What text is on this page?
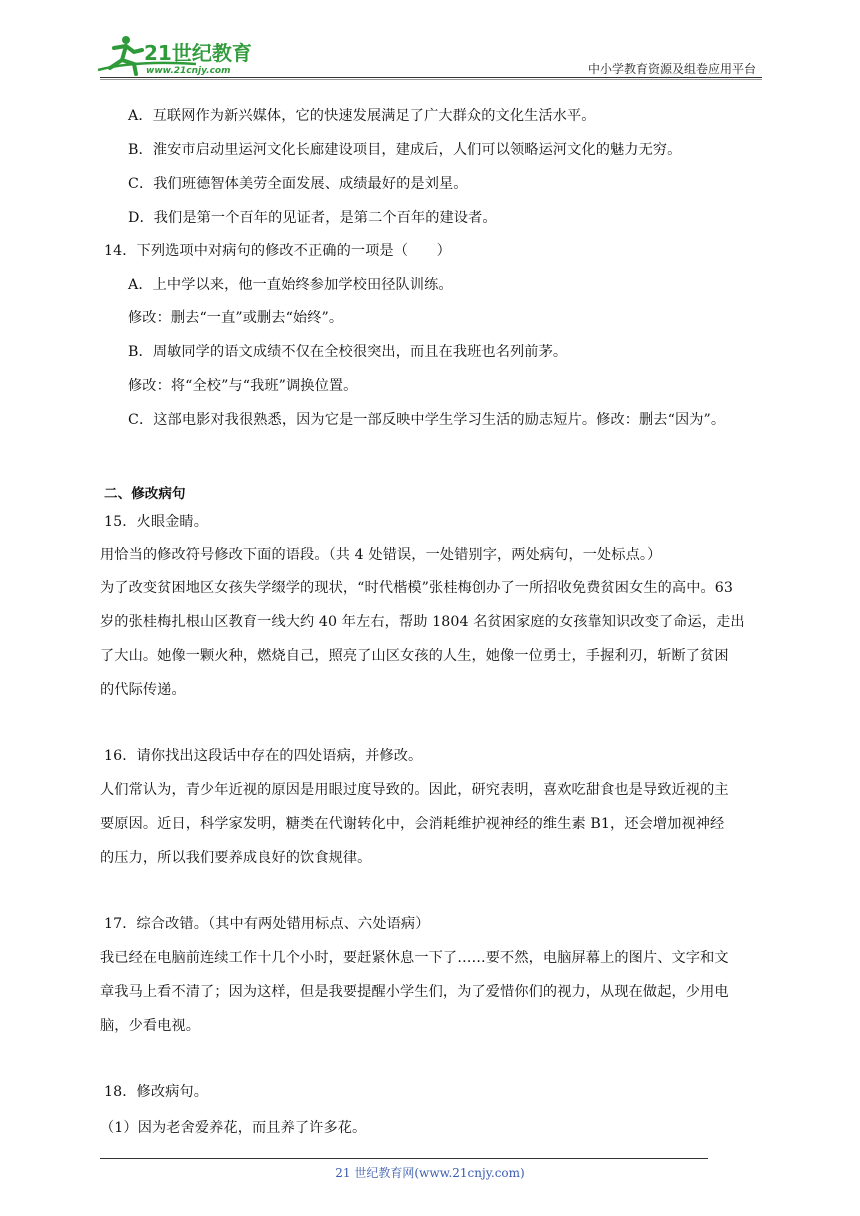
21世纪教育
www.21cnjy.com	中小学教育资源及组卷应用平台
A．互联网作为新兴媒体，它的快速发展满足了广大群众的文化生活水平。
B．淮安市启动里运河文化长廊建设项目，建成后，人们可以领略运河文化的魅力无穷。
C．我们班德智体美劳全面发展、成绩最好的是刘星。
D．我们是第一个百年的见证者，是第二个百年的建设者。
14．下列选项中对病句的修改不正确的一项是（　　）
A．上中学以来，他一直始终参加学校田径队训练。
修改：删去“一直”或删去“始终”。
B．周敏同学的语文成绩不仅在全校很突出，而且在我班也名列前茅。
修改：将“全校”与“我班”调换位置。
C．这部电影对我很熟悉，因为它是一部反映中学生学习生活的励志短片。修改：删去“因为”。
二、修改病句
15．火眼金睛。
用恰当的修改符号修改下面的语段。（共 4 处错误，一处错别字，两处病句，一处标点。）
为了改变贫困地区女孩失学缀学的现状，“时代楷模”张桂梅创办了一所招收免费贫困女生的高中。63
岁的张桂梅扎根山区教育一线大约 40 年左右，帮助 1804 名贫困家庭的女孩靠知识改变了命运，走出
了大山。她像一颗火种，燃烧自己，照亮了山区女孩的人生，她像一位勇士，手握利刃，斩断了贫困
的代际传递。
16．请你找出这段话中存在的四处语病，并修改。
人们常认为，青少年近视的原因是用眼过度导致的。因此，研究表明，喜欢吃甜食也是导致近视的主
要原因。近日，科学家发明，糖类在代谢转化中，会消耗维护视神经的维生素 B1，还会增加视神经
的压力，所以我们要养成良好的饮食规律。
17．综合改错。（其中有两处错用标点、六处语病）
我已经在电脑前连续工作十几个小时，要赶紧休息一下了……要不然，电脑屏幕上的图片、文字和文
章我马上看不清了；因为这样，但是我要提醒小学生们，为了爱惜你们的视力，从现在做起，少用电
脑，少看电视。
18．修改病句。
（1）因为老舍爱养花，而且养了许多花。
21 世纪教育网(www.21cnjy.com)
